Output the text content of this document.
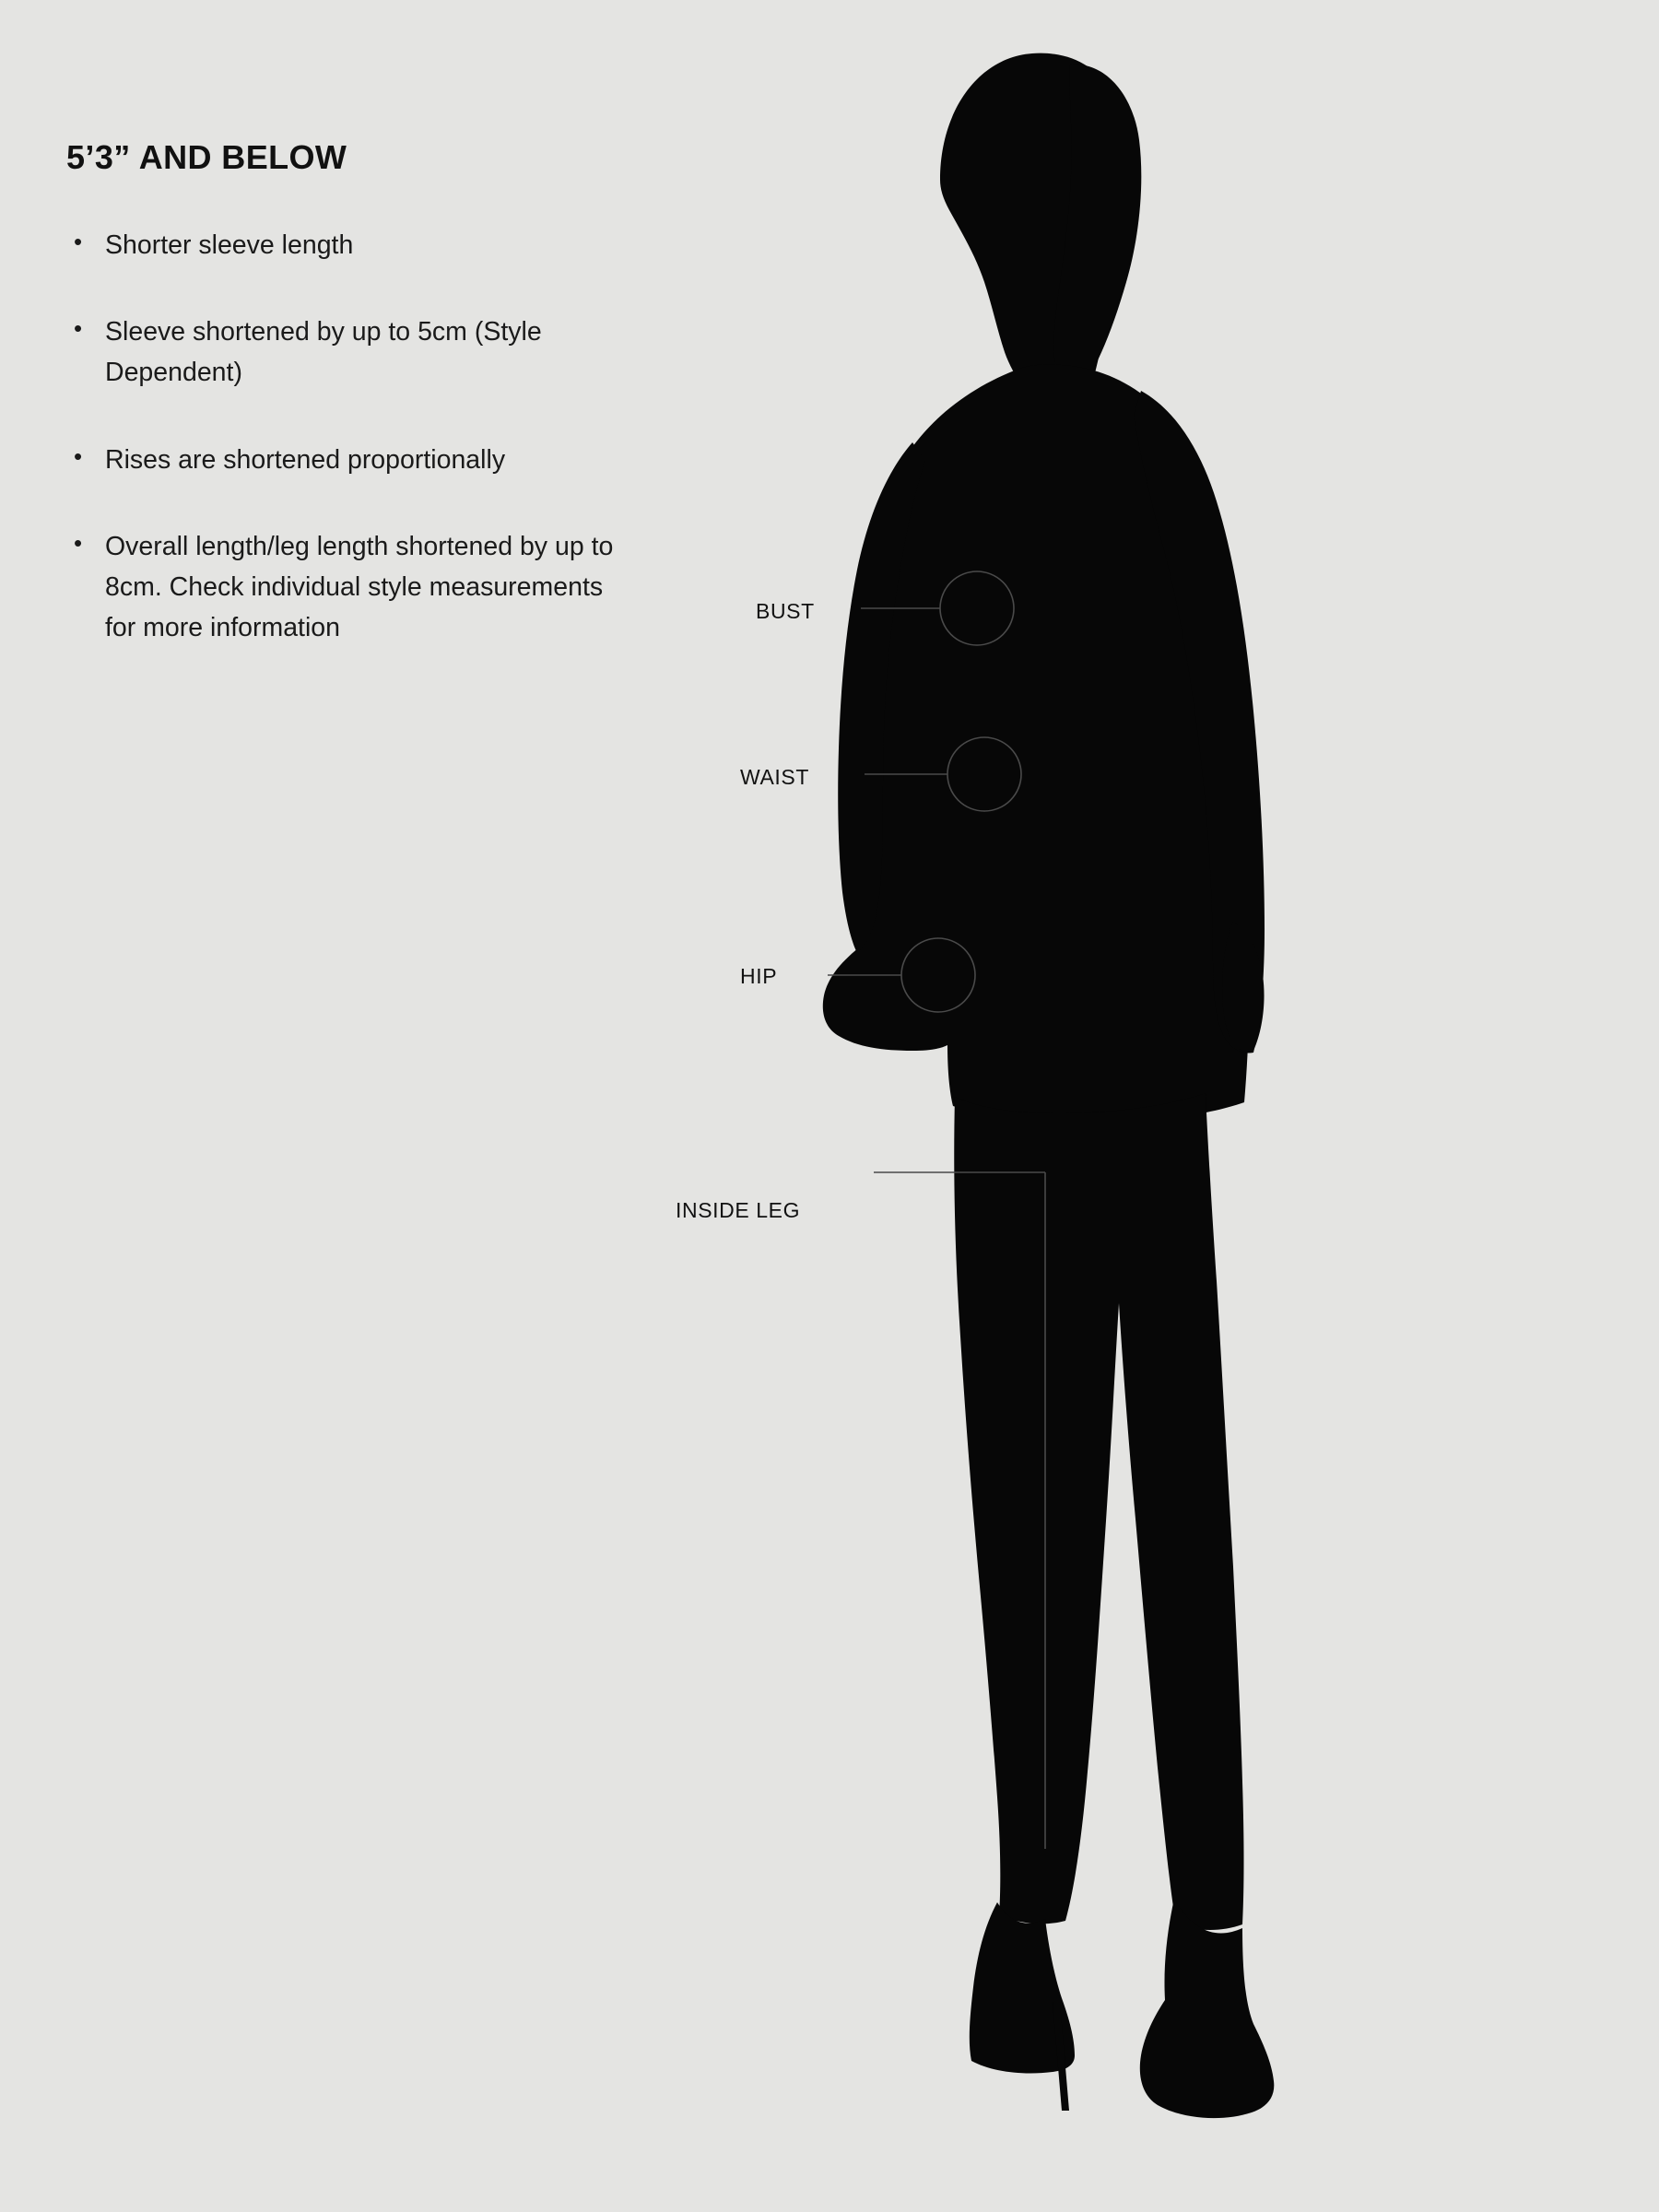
5’3” AND BELOW
• Shorter sleeve length
• Sleeve shortened by up to 5cm (Style Dependent)
• Rises are shortened proportionally
• Overall length/leg length shortened by up to 8cm. Check individual style measurements for more information
BUST
WAIST
HIP
INSIDE LEG
